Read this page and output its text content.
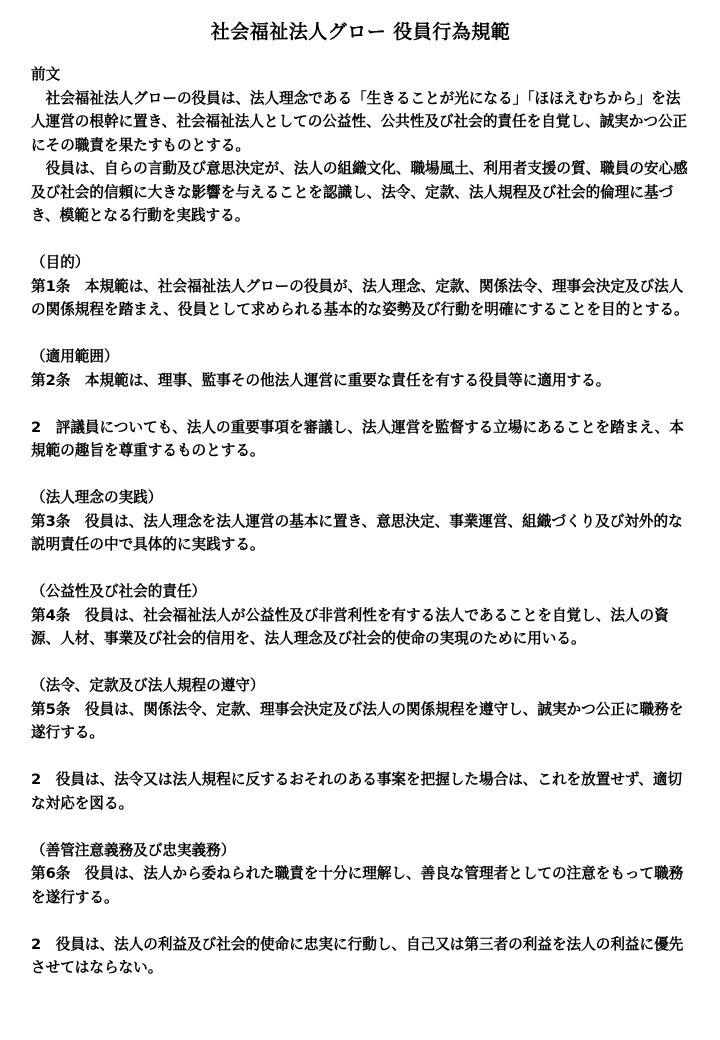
社会福祉法人グロー 役員行為規範

前文

社会福祉法人グローの役員は、法人理念である「生きることが光になる」「ほほえむちから」を法人運営の根幹に置き、社会福祉法人としての公益性、公共性及び社会的責任を自覚し、誠実かつ公正にその職責を果たすものとする。

役員は、自らの言動及び意思決定が、法人の組織文化、職場風土、利用者支援の質、職員の安心感及び社会的信頼に大きな影響を与えることを認識し、法令、定款、法人規程及び社会的倫理に基づき、模範となる行動を実践する。

（目的）

第1条　本規範は、社会福祉法人グローの役員が、法人理念、定款、関係法令、理事会決定及び法人の関係規程を踏まえ、役員として求められる基本的な姿勢及び行動を明確にすることを目的とする。

（適用範囲）

第2条　本規範は、理事、監事その他法人運営に重要な責任を有する役員等に適用する。

2　評議員についても、法人の重要事項を審議し、法人運営を監督する立場にあることを踏まえ、本規範の趣旨を尊重するものとする。

（法人理念の実践）

第3条　役員は、法人理念を法人運営の基本に置き、意思決定、事業運営、組織づくり及び対外的な説明責任の中で具体的に実践する。

（公益性及び社会的責任）

第4条　役員は、社会福祉法人が公益性及び非営利性を有する法人であることを自覚し、法人の資源、人材、事業及び社会的信用を、法人理念及び社会的使命の実現のために用いる。

（法令、定款及び法人規程の遵守）

第5条　役員は、関係法令、定款、理事会決定及び法人の関係規程を遵守し、誠実かつ公正に職務を遂行する。

2　役員は、法令又は法人規程に反するおそれのある事案を把握した場合は、これを放置せず、適切な対応を図る。

（善管注意義務及び忠実義務）

第6条　役員は、法人から委ねられた職責を十分に理解し、善良な管理者としての注意をもって職務を遂行する。

2　役員は、法人の利益及び社会的使命に忠実に行動し、自己又は第三者の利益を法人の利益に優先させてはならない。
